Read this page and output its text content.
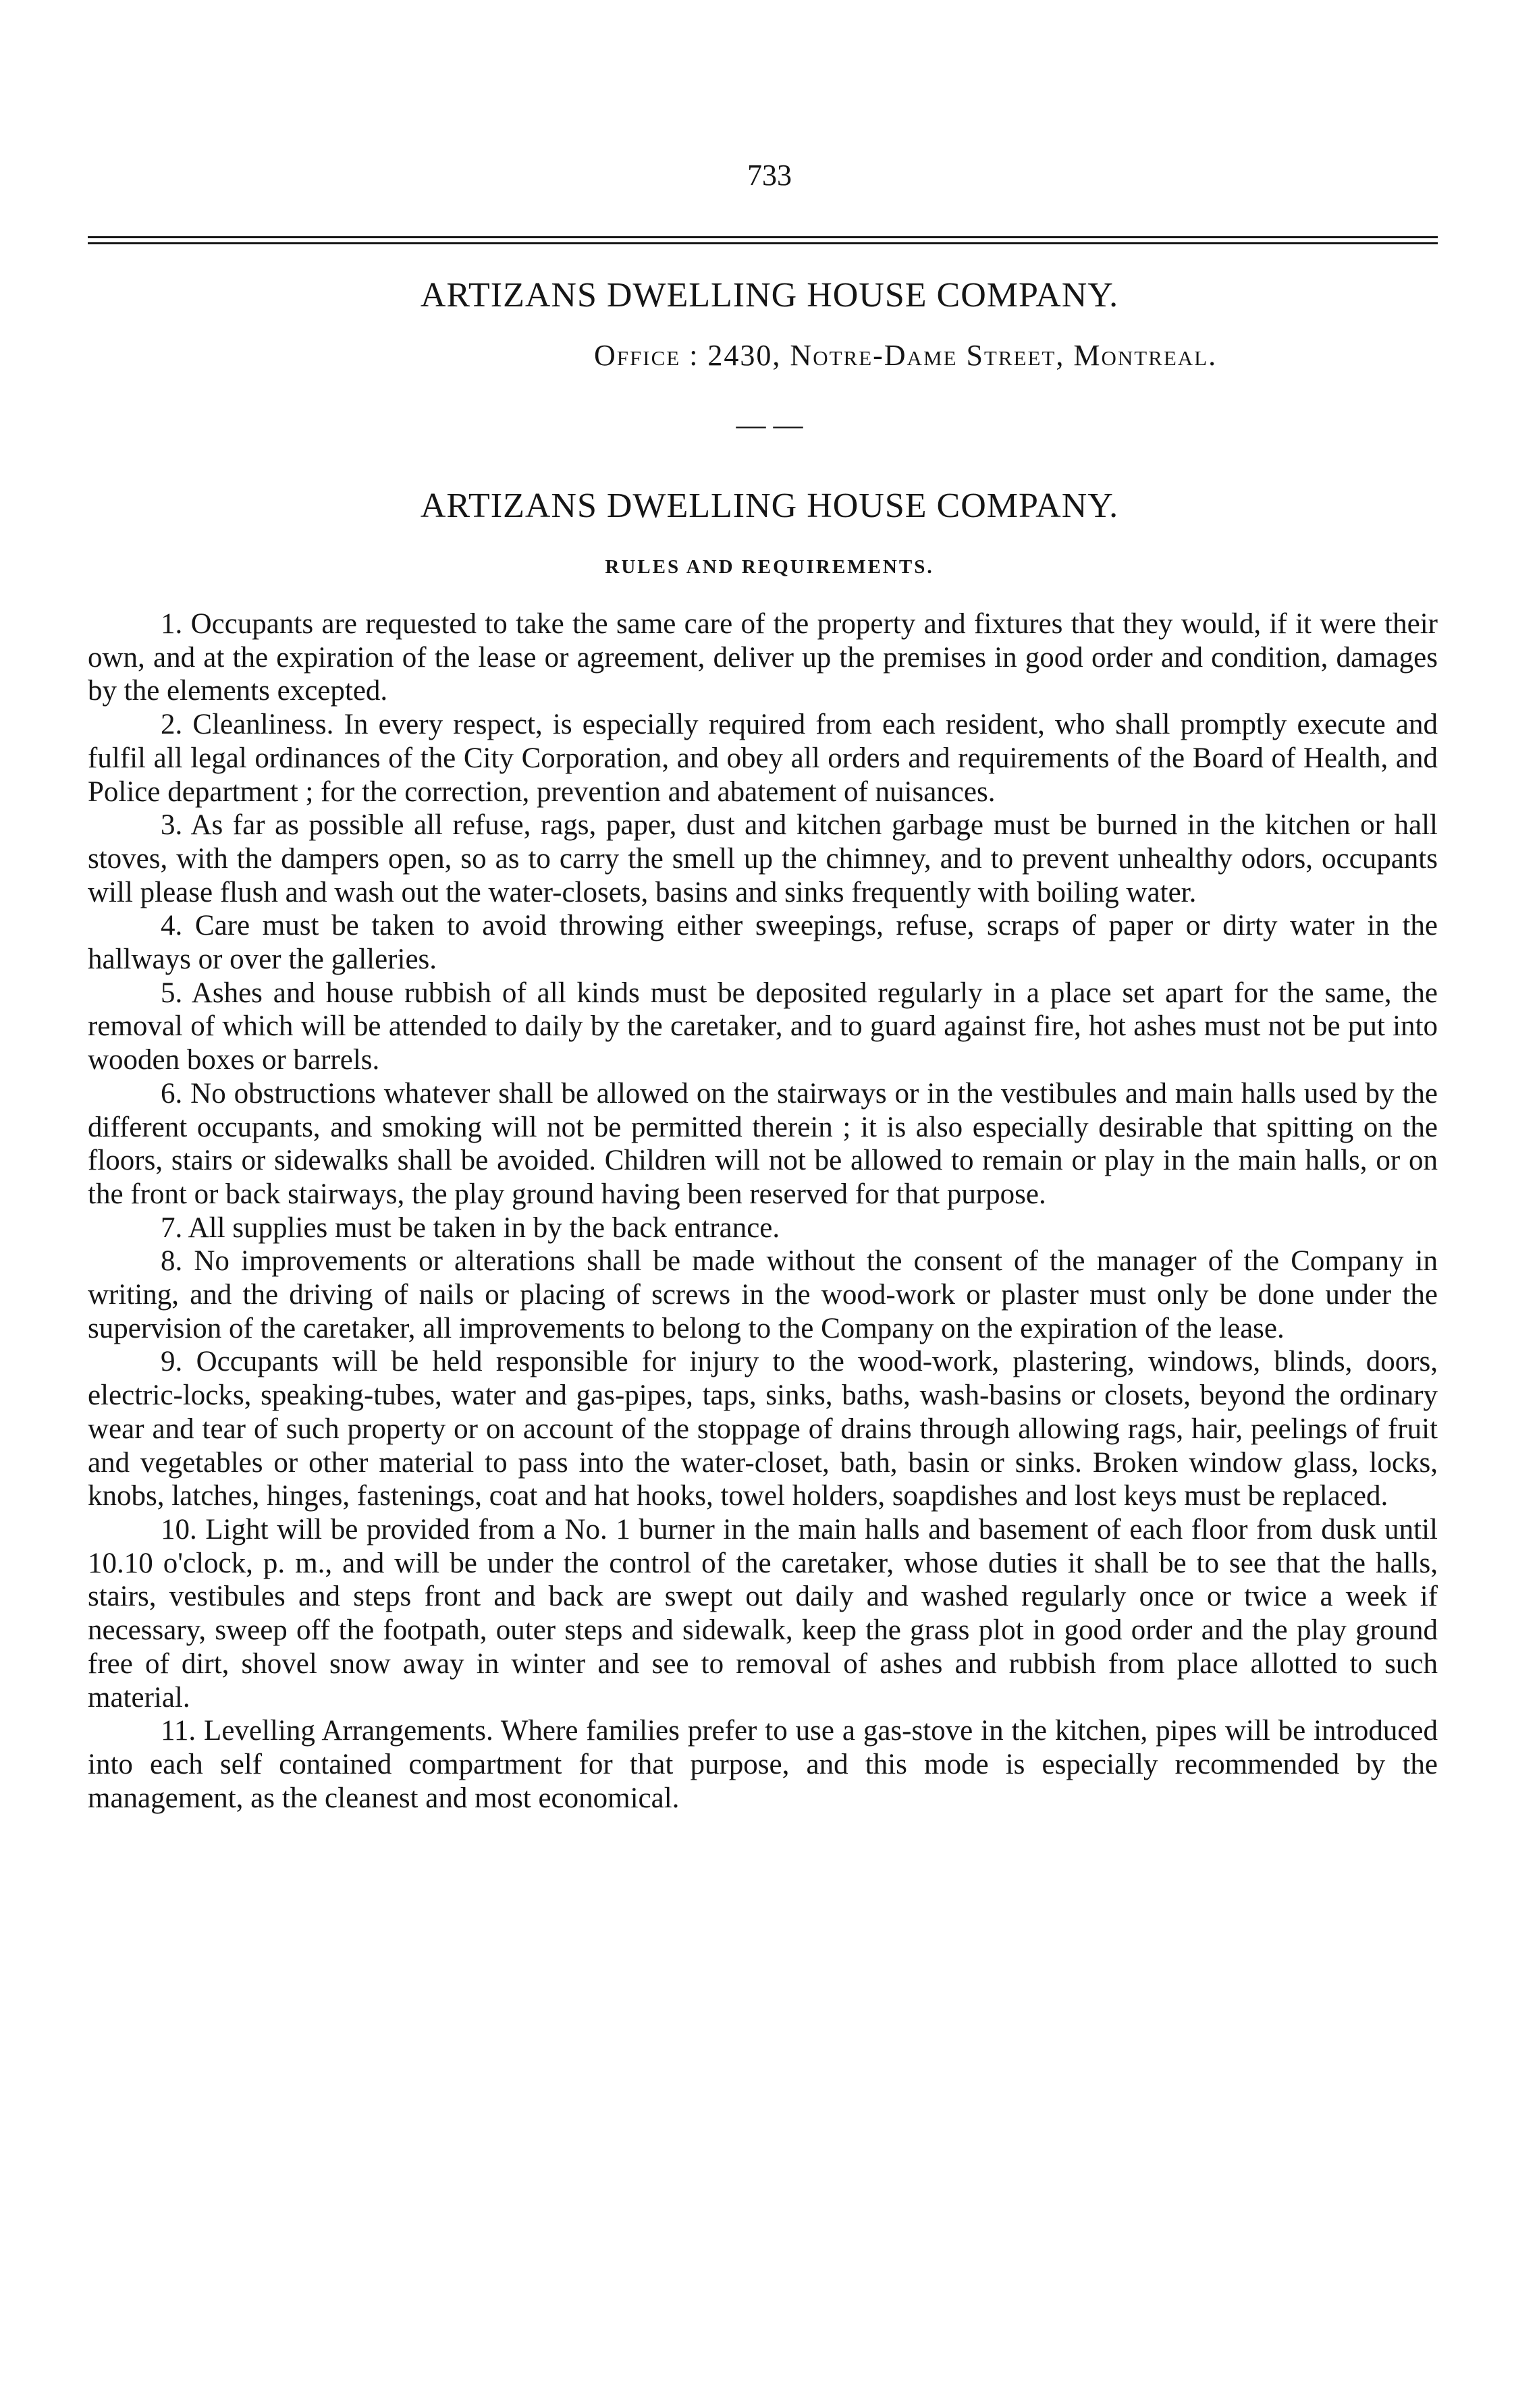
733
ARTIZANS DWELLING HOUSE COMPANY.
Office : 2430, Notre-Dame Street, Montreal.
— —
ARTIZANS DWELLING HOUSE COMPANY.
RULES AND REQUIREMENTS.

1. Occupants are requested to take the same care of the property and fixtures that they would, if it were their own, and at the expiration of the lease or agreement, deliver up the premises in good order and condition, damages by the elements excepted.

2. Cleanliness. In every respect, is especially required from each resident, who shall promptly execute and fulfil all legal ordinances of the City Corporation, and obey all orders and requirements of the Board of Health, and Police department ; for the correction, prevention and abatement of nuisances.

3. As far as possible all refuse, rags, paper, dust and kitchen garbage must be burned in the kitchen or hall stoves, with the dampers open, so as to carry the smell up the chimney, and to prevent unhealthy odors, occupants will please flush and wash out the water-closets, basins and sinks frequently with boiling water.

4. Care must be taken to avoid throwing either sweepings, refuse, scraps of paper or dirty water in the hallways or over the galleries.

5. Ashes and house rubbish of all kinds must be deposited regularly in a place set apart for the same, the removal of which will be attended to daily by the caretaker, and to guard against fire, hot ashes must not be put into wooden boxes or barrels.

6. No obstructions whatever shall be allowed on the stairways or in the vestibules and main halls used by the different occupants, and smoking will not be permitted therein ; it is also especially desirable that spitting on the floors, stairs or sidewalks shall be avoided. Children will not be allowed to remain or play in the main halls, or on the front or back stairways, the play ground having been reserved for that purpose.

7. All supplies must be taken in by the back entrance.

8. No improvements or alterations shall be made without the consent of the manager of the Company in writing, and the driving of nails or placing of screws in the wood-work or plaster must only be done under the supervision of the caretaker, all improvements to belong to the Company on the expiration of the lease.

9. Occupants will be held responsible for injury to the wood-work, plastering, windows, blinds, doors, electric-locks, speaking-tubes, water and gas-pipes, taps, sinks, baths, wash-basins or closets, beyond the ordinary wear and tear of such property or on account of the stoppage of drains through allowing rags, hair, peelings of fruit and vegetables or other material to pass into the water-closet, bath, basin or sinks. Broken window glass, locks, knobs, latches, hinges, fastenings, coat and hat hooks, towel holders, soapdishes and lost keys must be replaced.

10. Light will be provided from a No. 1 burner in the main halls and basement of each floor from dusk until 10.10 o'clock, p. m., and will be under the control of the caretaker, whose duties it shall be to see that the halls, stairs, vestibules and steps front and back are swept out daily and washed regularly once or twice a week if necessary, sweep off the footpath, outer steps and sidewalk, keep the grass plot in good order and the play ground free of dirt, shovel snow away in winter and see to removal of ashes and rubbish from place allotted to such material.

11. Levelling Arrangements. Where families prefer to use a gas-stove in the kitchen, pipes will be introduced into each self contained compartment for that purpose, and this mode is especially recommended by the management, as the cleanest and most economical.
